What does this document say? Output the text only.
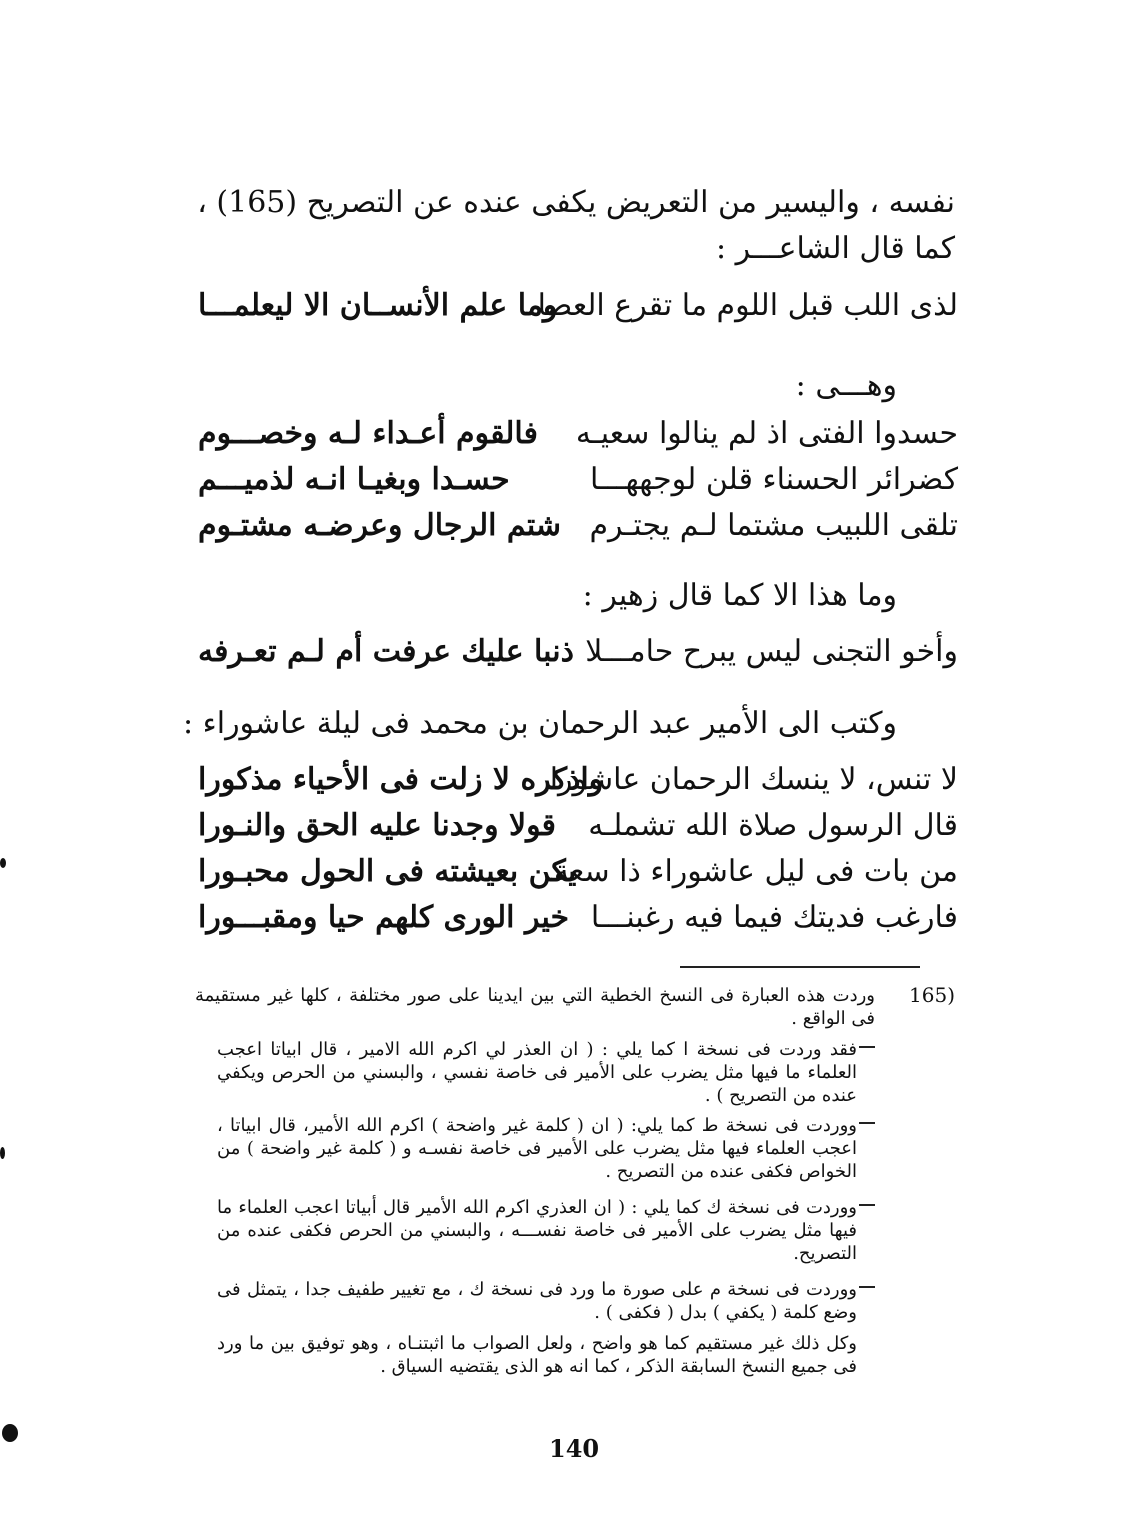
نفسه ، واليسير من التعريض يكفى عنده عن التصريح (165) ، كما قال الشاعـــر :
لذى اللب قبل اللوم ما تقرع العصا
وما علم الأنســان الا ليعلمـــا
وهـــى :
حسدوا الفتى اذ لم ينالوا سعيـه
فالقوم أعـداء لـه وخصـــوم
كضرائر الحسناء قلن لوجههـــا
حسـدا وبغيـا انـه لذميـــم
تلقى اللبيب مشتما لـم يجتـرم
شتم الرجال وعرضـه مشتـوم
وما هذا الا كما قال زهير :
وأخو التجنى ليس يبرح حامـــلا
ذنبا عليك عرفت أم لـم تعـرفه
وكتب الى الأمير عبد الرحمان بن محمد فى ليلة عاشوراء :
لا تنس، لا ينسك الرحمان عاشورا
واذكره لا زلت فى الأحياء مذكورا
قال الرسول صلاة الله تشملـه
قولا وجدنا عليه الحق والنـورا
من بات فى ليل عاشوراء ذا سعة
يكن بعيشته فى الحول محبـورا
فارغب فديتك فيما فيه رغبنـــا
خير الورى كلهم حيا ومقبـــورا
165)
وردت هذه العبارة فى النسخ الخطية التي بين ايدينا على صور مختلفة ، كلها غير مستقيمة فى الواقع .
فقد وردت فى نسخة ا كما يلي : ( ان العذر لي اكرم الله الامير ، قال ابياتا اعجب العلماء ما فيها مثل يضرب على الأمير فى خاصة نفسي ، والبسني من الحرص ويكفي عنده من التصريح ) .
ووردت فى نسخة ط كما يلي: ( ان ( كلمة غير واضحة ) اكرم الله الأمير، قال ابياتا ، اعجب العلماء فيها مثل يضرب على الأمير فى خاصة نفسـه و ( كلمة غير واضحة ) من الخواص فكفى عنده من التصريح .
ووردت فى نسخة ك كما يلي : ( ان العذري اكرم الله الأمير قال أبياتا اعجب العلماء ما فيها مثل يضرب على الأمير فى خاصة نفســـه ، والبسني من الحرص فكفى عنده من التصريح.
ووردت فى نسخة م على صورة ما ورد فى نسخة ك ، مع تغيير طفيف جدا ، يتمثل فى وضع كلمة ( يكفي ) بدل ( فكفى ) .
وكل ذلك غير مستقيم كما هو واضح ، ولعل الصواب ما اثبتنـاه ، وهو توفيق بين ما ورد فى جميع النسخ السابقة الذكر ، كما انه هو الذى يقتضيه السياق .
140
